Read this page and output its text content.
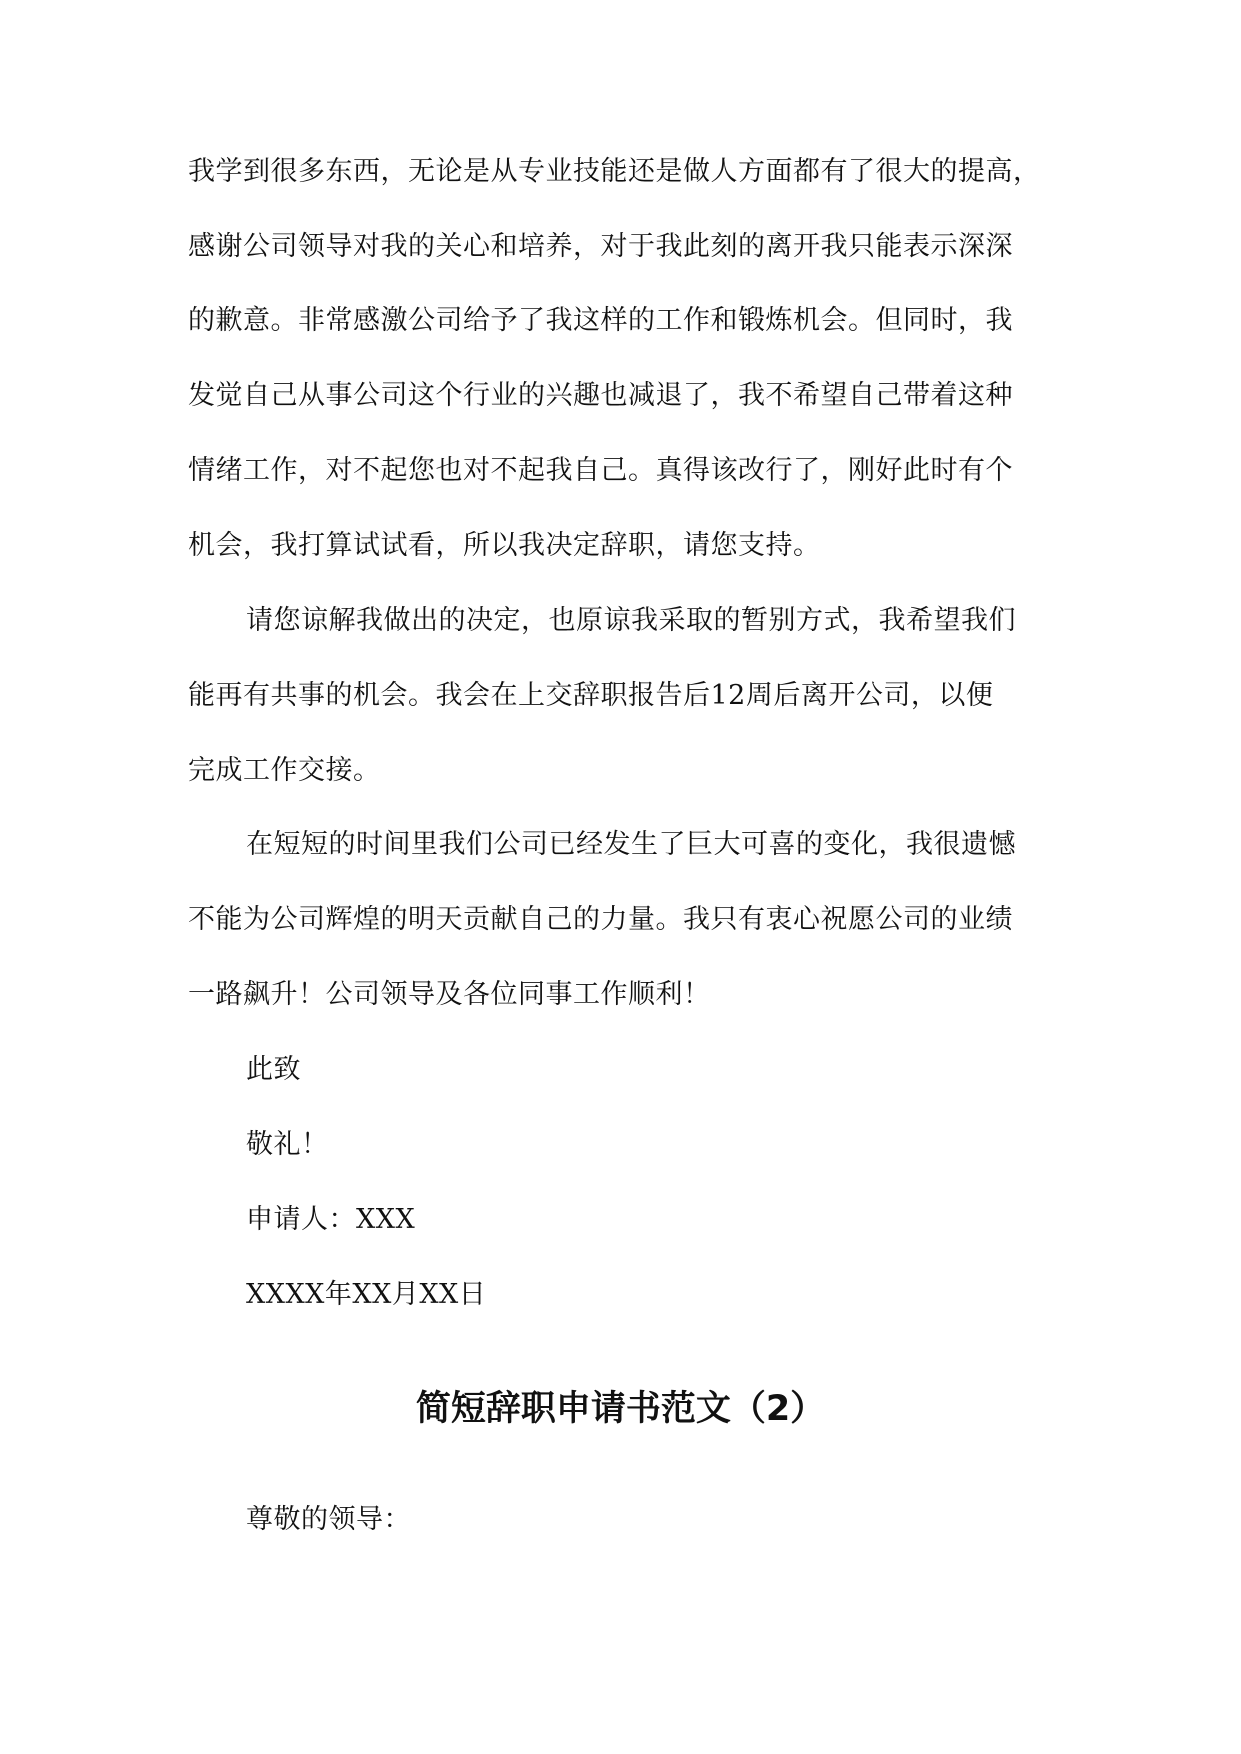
我学到很多东西，无论是从专业技能还是做人方面都有了很大的提高，
感谢公司领导对我的关心和培养，对于我此刻的离开我只能表示深深
的歉意。非常感激公司给予了我这样的工作和锻炼机会。但同时，我
发觉自己从事公司这个行业的兴趣也减退了，我不希望自己带着这种
情绪工作，对不起您也对不起我自己。真得该改行了，刚好此时有个
机会，我打算试试看，所以我决定辞职，请您支持。
请您谅解我做出的决定，也原谅我采取的暂别方式，我希望我们
能再有共事的机会。我会在上交辞职报告后12周后离开公司，以便
完成工作交接。
在短短的时间里我们公司已经发生了巨大可喜的变化，我很遗憾
不能为公司辉煌的明天贡献自己的力量。我只有衷心祝愿公司的业绩
一路飙升！公司领导及各位同事工作顺利！
此致
敬礼！
申请人：XXX
XXXX年XX月XX日
简短辞职申请书范文（2）
尊敬的领导：
